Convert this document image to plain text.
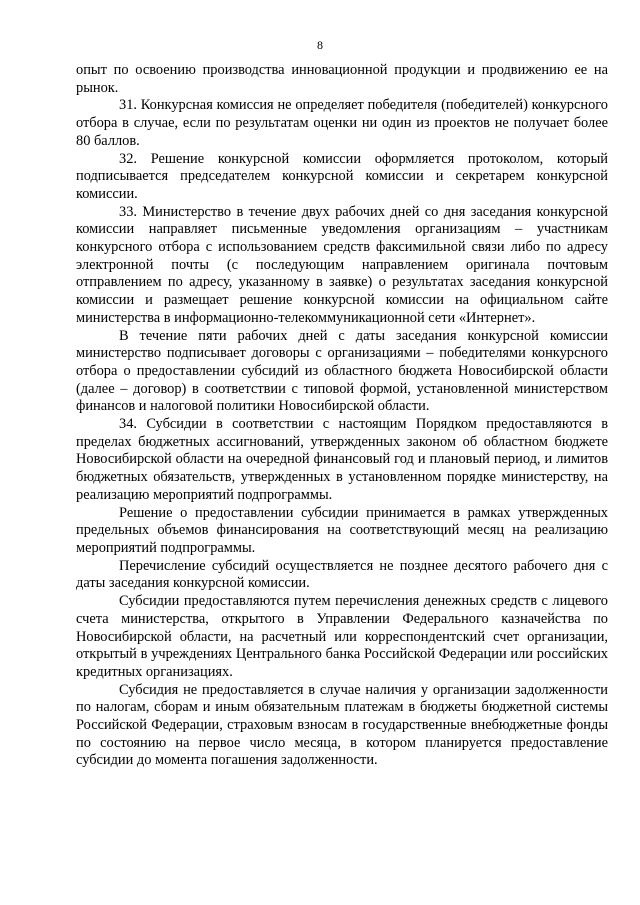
8

опыт по освоению производства инновационной продукции и продвижению ее на рынок.

31. Конкурсная комиссия не определяет победителя (победителей) конкурсного отбора в случае, если по результатам оценки ни один из проектов не получает более 80 баллов.

32. Решение конкурсной комиссии оформляется протоколом, который подписывается председателем конкурсной комиссии и секретарем конкурсной комиссии.

33. Министерство в течение двух рабочих дней со дня заседания конкурсной комиссии направляет письменные уведомления организациям – участникам конкурсного отбора с использованием средств факсимильной связи либо по адресу электронной почты (с последующим направлением оригинала почтовым отправлением по адресу, указанному в заявке) о результатах заседания конкурсной комиссии и размещает решение конкурсной комиссии на официальном сайте министерства в информационно-телекоммуникационной сети «Интернет».

В течение пяти рабочих дней с даты заседания конкурсной комиссии министерство подписывает договоры с организациями – победителями конкурсного отбора о предоставлении субсидий из областного бюджета Новосибирской области (далее – договор) в соответствии с типовой формой, установленной министерством финансов и налоговой политики Новосибирской области.

34. Субсидии в соответствии с настоящим Порядком предоставляются в пределах бюджетных ассигнований, утвержденных законом об областном бюджете Новосибирской области на очередной финансовый год и плановый период, и лимитов бюджетных обязательств, утвержденных в установленном порядке министерству, на реализацию мероприятий подпрограммы.

Решение о предоставлении субсидии принимается в рамках утвержденных предельных объемов финансирования на соответствующий месяц на реализацию мероприятий подпрограммы.

Перечисление субсидий осуществляется не позднее десятого рабочего дня с даты заседания конкурсной комиссии.

Субсидии предоставляются путем перечисления денежных средств с лицевого счета министерства, открытого в Управлении Федерального казначейства по Новосибирской области, на расчетный или корреспондентский счет организации, открытый в учреждениях Центрального банка Российской Федерации или российских кредитных организациях.

Субсидия не предоставляется в случае наличия у организации задолженности по налогам, сборам и иным обязательным платежам в бюджеты бюджетной системы Российской Федерации, страховым взносам в государственные внебюджетные фонды по состоянию на первое число месяца, в котором планируется предоставление субсидии до момента погашения задолженности.
